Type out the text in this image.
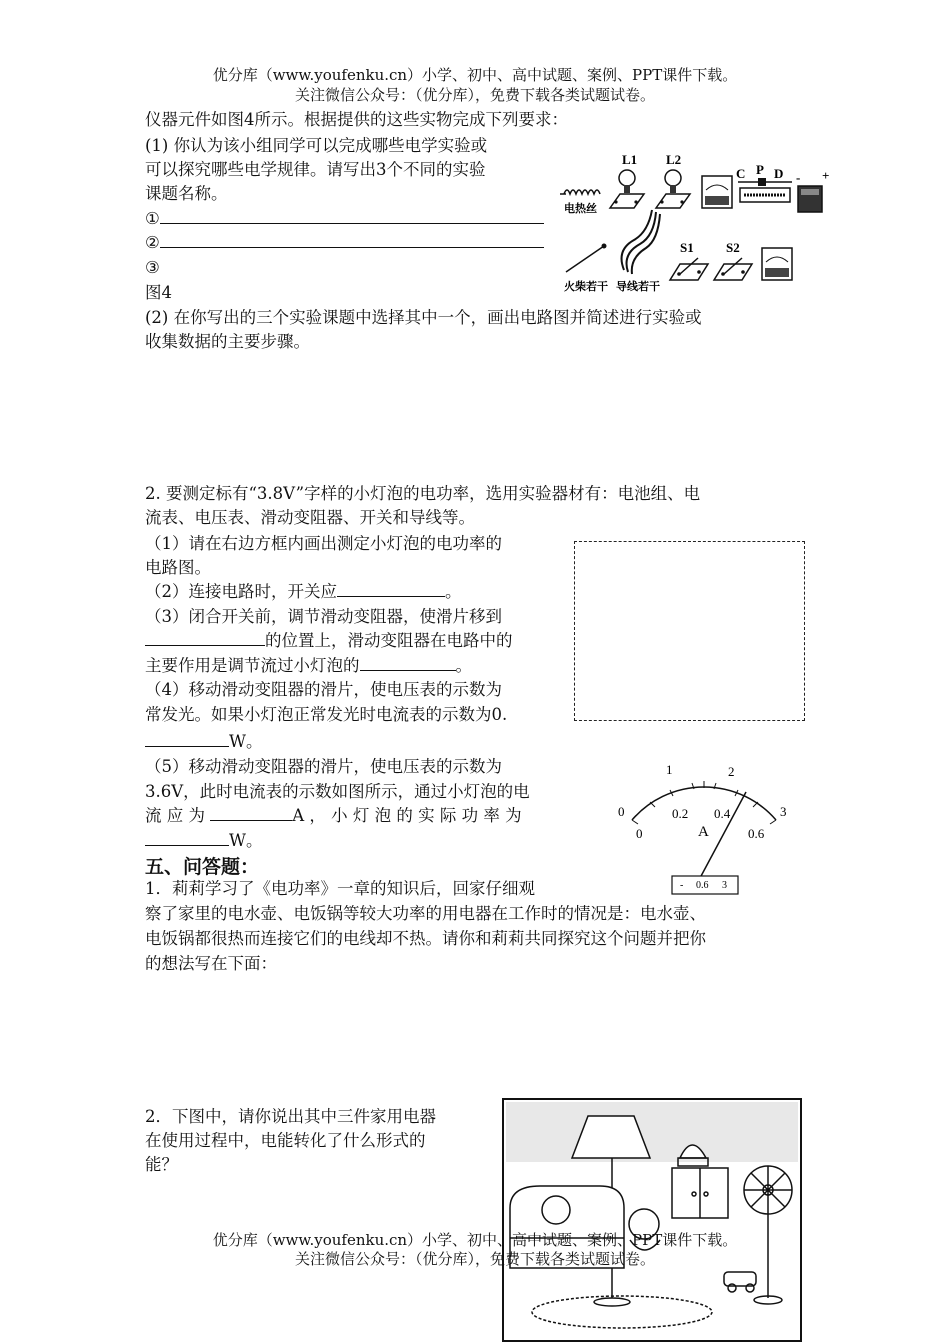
优分库（www.youfenku.cn）小学、初中、高中试题、案例、PPT课件下载。
关注微信公众号：（优分库），免费下载各类试题试卷。
仪器元件如图4所示。根据提供的这些实物完成下列要求：
(1) 你认为该小组同学可以完成哪些电学实验或
可以探究哪些电学规律。请写出3个不同的实验
课题名称。
①
②
③
图4
电热丝
L1 L2
C P D - +
火柴若干 导线若干
S1 S2
(2) 在你写出的三个实验课题中选择其中一个，画出电路图并简述进行实验或
收集数据的主要步骤。
2. 要测定标有“3.8V”字样的小灯泡的电功率，选用实验器材有：电池组、电
流表、电压表、滑动变阻器、开关和导线等。
（1）请在右边方框内画出测定小灯泡的电功率的
电路图。
（2）连接电路时，开关应	。
（3）闭合开关前，调节滑动变阻器，使滑片移到
的位置上，滑动变阻器在电路中的
主要作用是调节流过小灯泡的	。
（4）移动滑动变阻器的滑片，使电压表的示数为
常发光。如果小灯泡正常发光时电流表的示数为0.
W。
（5）移动滑动变阻器的滑片，使电压表的示数为
3.6V，此时电流表的示数如图所示，通过小灯泡的电
流 应 为	A ， 小 灯 泡 的 实 际 功 率 为
W。
0
1	2
3
0
0.2 0.4
0.6
A
- 0.6 3
五、问答题：
1．莉莉学习了《电功率》一章的知识后，回家仔细观
察了家里的电水壶、电饭锅等较大功率的用电器在工作时的情况是：电水壶、
电饭锅都很热而连接它们的电线却不热。请你和莉莉共同探究这个问题并把你
的想法写在下面：
2．下图中，请你说出其中三件家用电器
在使用过程中，电能转化了什么形式的
能？
优分库（www.youfenku.cn）小学、初中、高中试题、案例、PPT课件下载。
关注微信公众号：（优分库），免费下载各类试题试卷。
